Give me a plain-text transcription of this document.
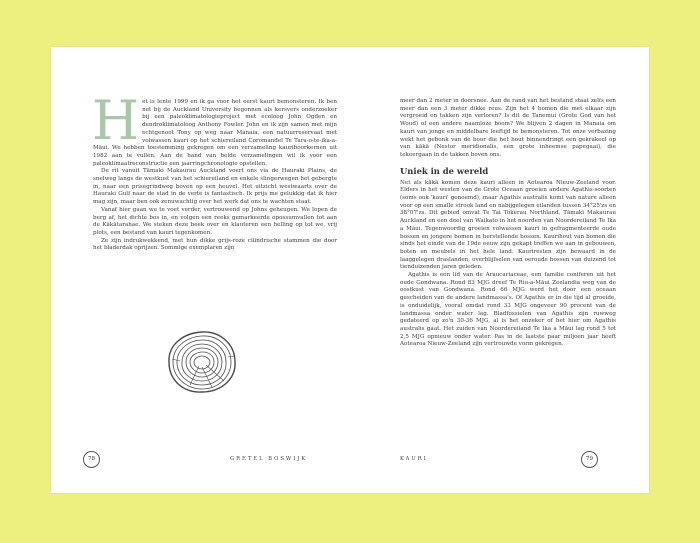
H et is lente 1999 en ik ga voor het eerst kauri bemonsteren. Ik ben net bij de Auckland University begonnen als kersvers onderzoeker bij een paleoklimatologieproject met ecoloog John Ogden en dendroklimatoloog Anthony Fowler. John en ik zijn samen met mijn echtgenoot Tony op weg naar Manaia, een natuurreservaat met volwassen kauri op het schiereiland Coromandel Te Tara-o-te-ika-a-Māui. We hebben toestemming gekregen om een verzameling kauriboorkernen uit 1982 aan te vullen. Aan de hand van beide verzamelingen wil ik voor een paleoklimaatreconstructie een jaarringchronologie opstellen.

De rit vanuit Tāmaki Makaurau Auckland voert ons via de Hauraki Plains, de snelweg langs de westkust van het schiereiland en enkele slingerwegen het gebergte in, naar een prisegrindweg boven op een heuvel. Het uitzicht westwaarts over de Hauraki Gulf naar de stad in de verte is fantastisch. Ik prijs me gelukkig dat ik hier mag zijn, maar ben ook zenuwachtig over het werk dat ons te wachten staat.

Vanaf hier gaan we te voet verder, vertrouwend op Johns geheugen. We lopen de berg af, het dichte bos in, en volgen een reeks gemarkeerde opossumvallen tot aan de Kākātarahae. We steken deze beek over en klauteren een helling op tot we, vrij plots, een bestand van kauri tegenkomen.

Ze zijn indrukwekkend, met hun dikke grijs-roze cilindrische stammen die door het bladerdak oprijzen. Sommige exemplaren zijn

78	GRETEL BOSWIJK

meer dan 2 meter in doorsnee. Aan de rand van het bestand staat zelfs een meer dan een 3 meter dikke reus. Zijn het 4 bomen die met elkaar zijn vergroeid en takken zijn verloren? Is dit de Tanemui (Grote God van het Woud) of een andere naamloze boom? We blijven 2 dagen in Manaia om kauri van jonge en middelbare leeftijd te bemonsteren. Tot onze verbazing wekt het gebonk van de boor die het hout binnendringt een gekrakeel op van kākā (Nestor meridionalis, een grote inheemse papegaai), die tekeergaan in de takken boven ons.

Uniek in de wereld

Net als kākā komen deze kauri alleen in Aotearoa Nieuw-Zeeland voor. Elders in het westen van de Grote Oceaan groeien andere Agathis-soorten (soms ook 'kauri' genoemd), maar Agathis australis komt van nature alleen voor op een smalle strook land en nabijgelegen eilanden tussen 34°25'zs en 38°07'zs. Dit gebied omvat Te Tai Tokerau Northland, Tāmaki Makaurau Auckland en een deel van Waikato in het noorden van Noordereiland Te Ika a Māui. Tegenwoordig groeien volwassen kauri in gefragmenteerde oude bossen en jongere bomen in herstellende bossen. Kaurihout van bomen die sinds het einde van de 19de eeuw zijn gekapt treffen we aan in gebouwen, boten en meubels in het hele land. Kauriresten zijn bewaard in de laaggelegen draslanden, overblijfselen van oeroude bossen van duizend tot tienduizenden jaren geleden.

Agathis is een lid van de Araucariaceae, een familie coniferen uit het oude Gondwana. Rond 83 MJG dreef Te Riu-a-Māui Zeelandia weg van de oostkust van Gondwana. Rond 66 MJG werd het door een oceaan gescheiden van de andere landmassa's. Of Agathis er in die tijd al groeide, is onduidelijk, vooral omdat rond 33 MJG ongeveer 90 procent van de landmassa onder water lag. Bladfossielen van Agathis zijn ruwweg gedateerd op zo'n 30-36 MJG, al is het onzeker of het hier om Agathis australis gaat. Het zuiden van Noordereiland Te Ika a Māui lag rond 5 tot 2,5 MJG opnieuw onder water. Pas in de laatste paar miljoen jaar heeft Aotearoa Nieuw-Zeeland zijn vertrouwde vorm gekregen.

KAURI	79
